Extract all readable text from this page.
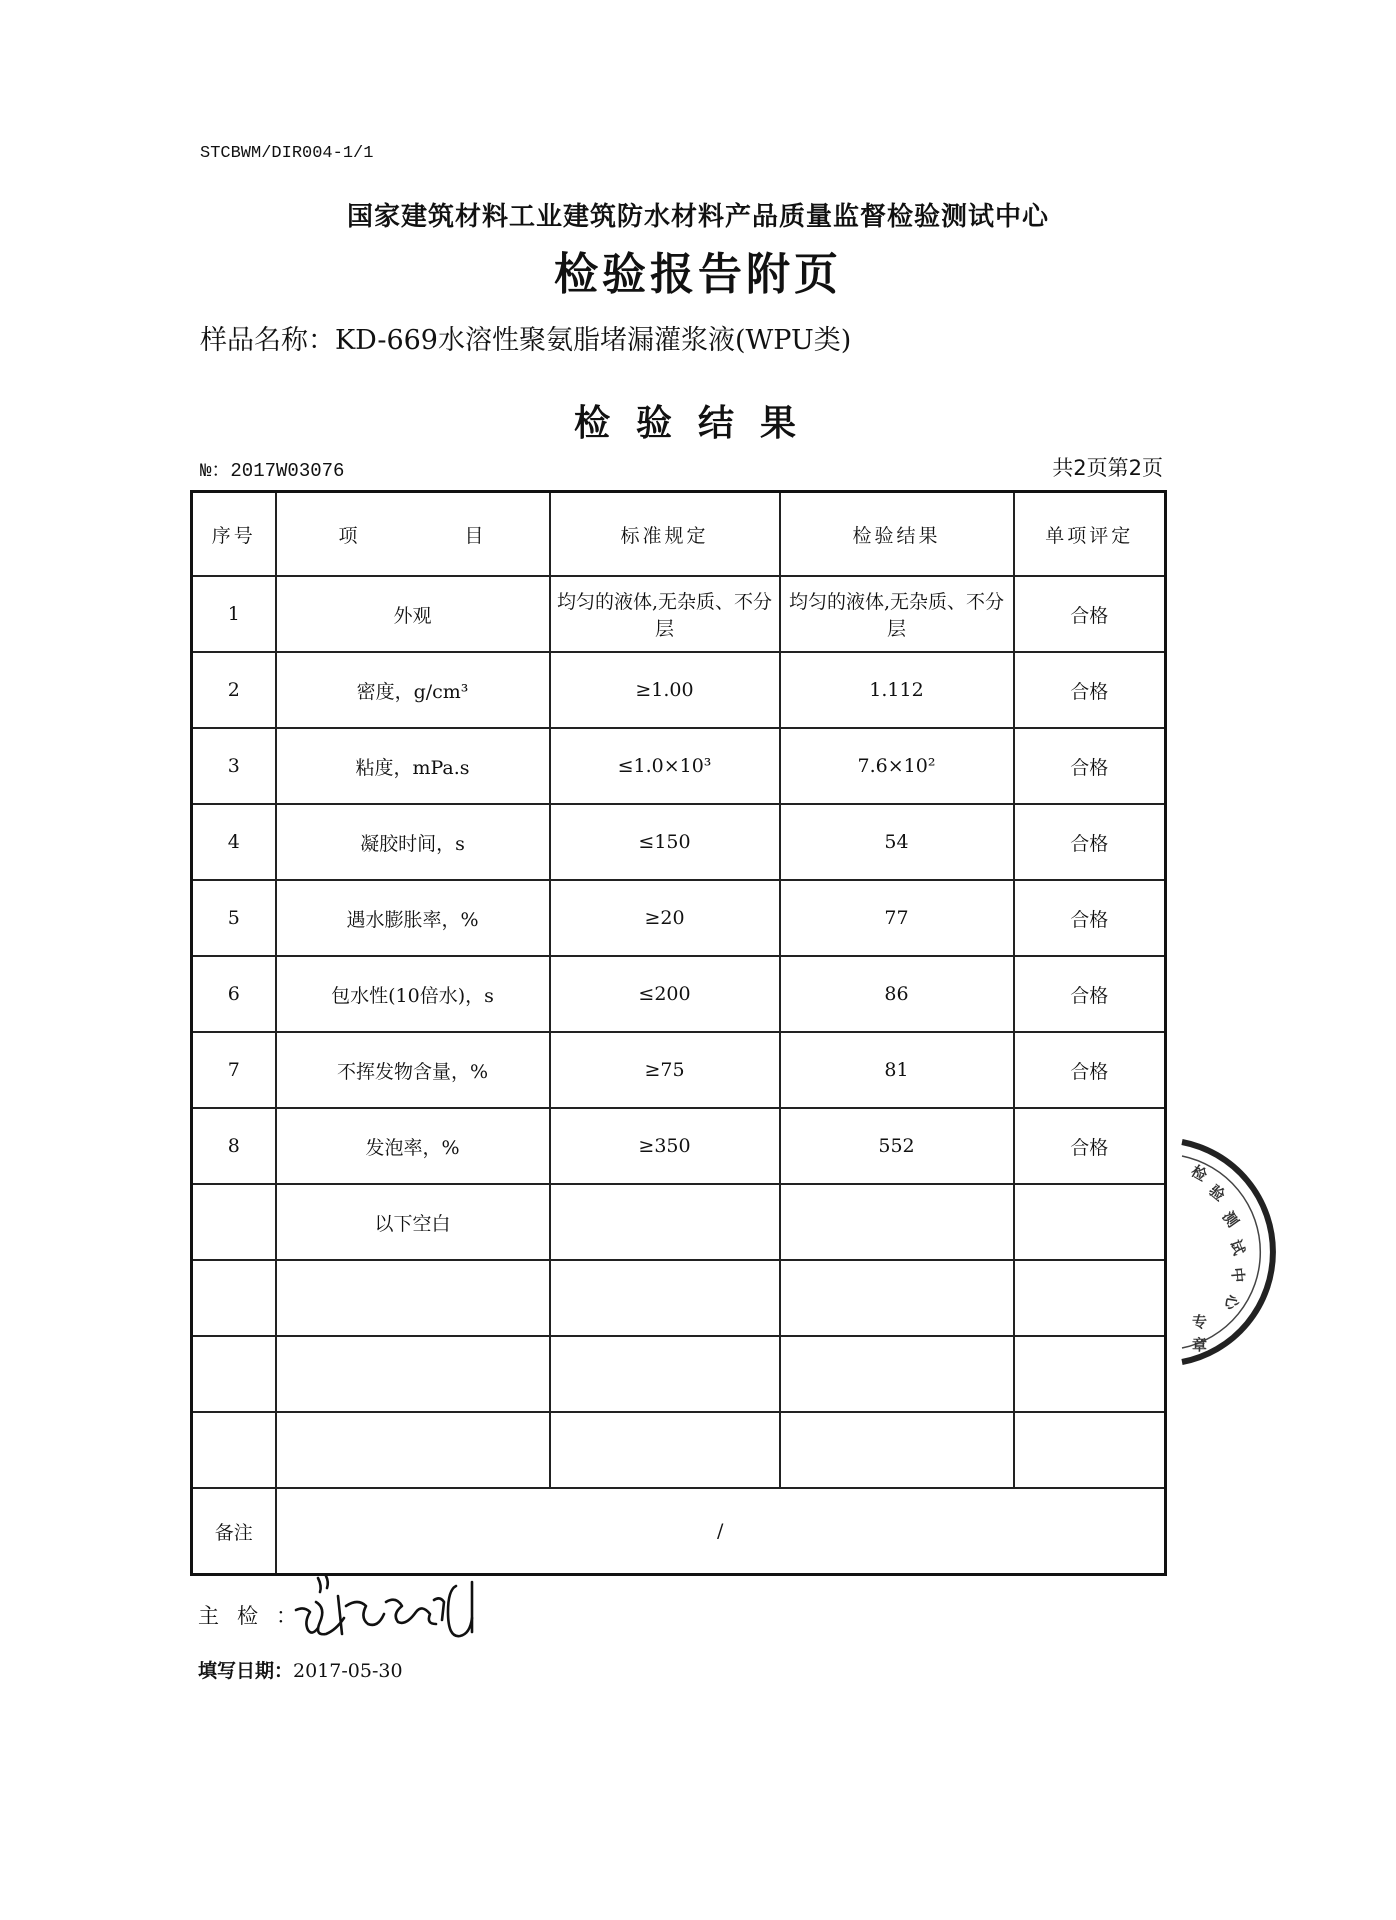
STCBWM/DIR004-1/1
国家建筑材料工业建筑防水材料产品质量监督检验测试中心
检验报告附页
样品名称：KD-669水溶性聚氨脂堵漏灌浆液(WPU类)
检验结果
№：2017W03076	共2页第2页
序号	项 目	标准规定	检验结果	单项评定
1	外观	均匀的液体,无杂质、不分层	均匀的液体,无杂质、不分层	合格
2	密度，g/cm³	≥1.00	1.112	合格
3	粘度，mPa.s	≤1.0×10³	7.6×10²	合格
4	凝胶时间，s	≤150	54	合格
5	遇水膨胀率，%	≥20	77	合格
6	包水性(10倍水)，s	≤200	86	合格
7	不挥发物含量，%	≥75	81	合格
8	发泡率，%	≥350	552	合格
	以下空白			

备注	/			
主检：
填写日期：2017-05-30
检
验
测
试
中
心
专
章
